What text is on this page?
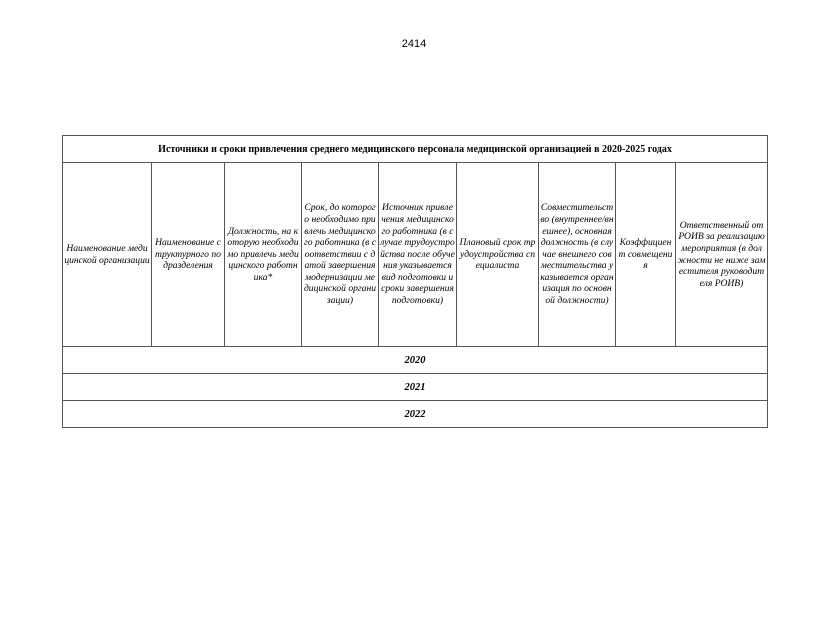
2414
Источники и сроки привлечения среднего медицинского персонала медицинской организацией в 2020-2025 годах
Наименование медицинской организации	Наименование структурного подразделения	Должность, на которую необходимо привлечь медицинского работника*	Срок, до которого необходимо привлечь медицинского работника (в соответствии с датой завершения модернизации медицинской организации)	Источник привлечения медицинского работника (в случае трудоустройства после обучения указывается вид подготовки и сроки завершения подготовки)	Плановый срок трудоустройства специалиста	Совместительство (внутреннее/внешнее), основная должность (в случае внешнего совместительства указывается организация по основной должности)	Коэффициент совмещения	Ответственный от РОИВ за реализацию мероприятия (в должности не ниже заместителя руководителя РОИВ)
2020
2021
2022
